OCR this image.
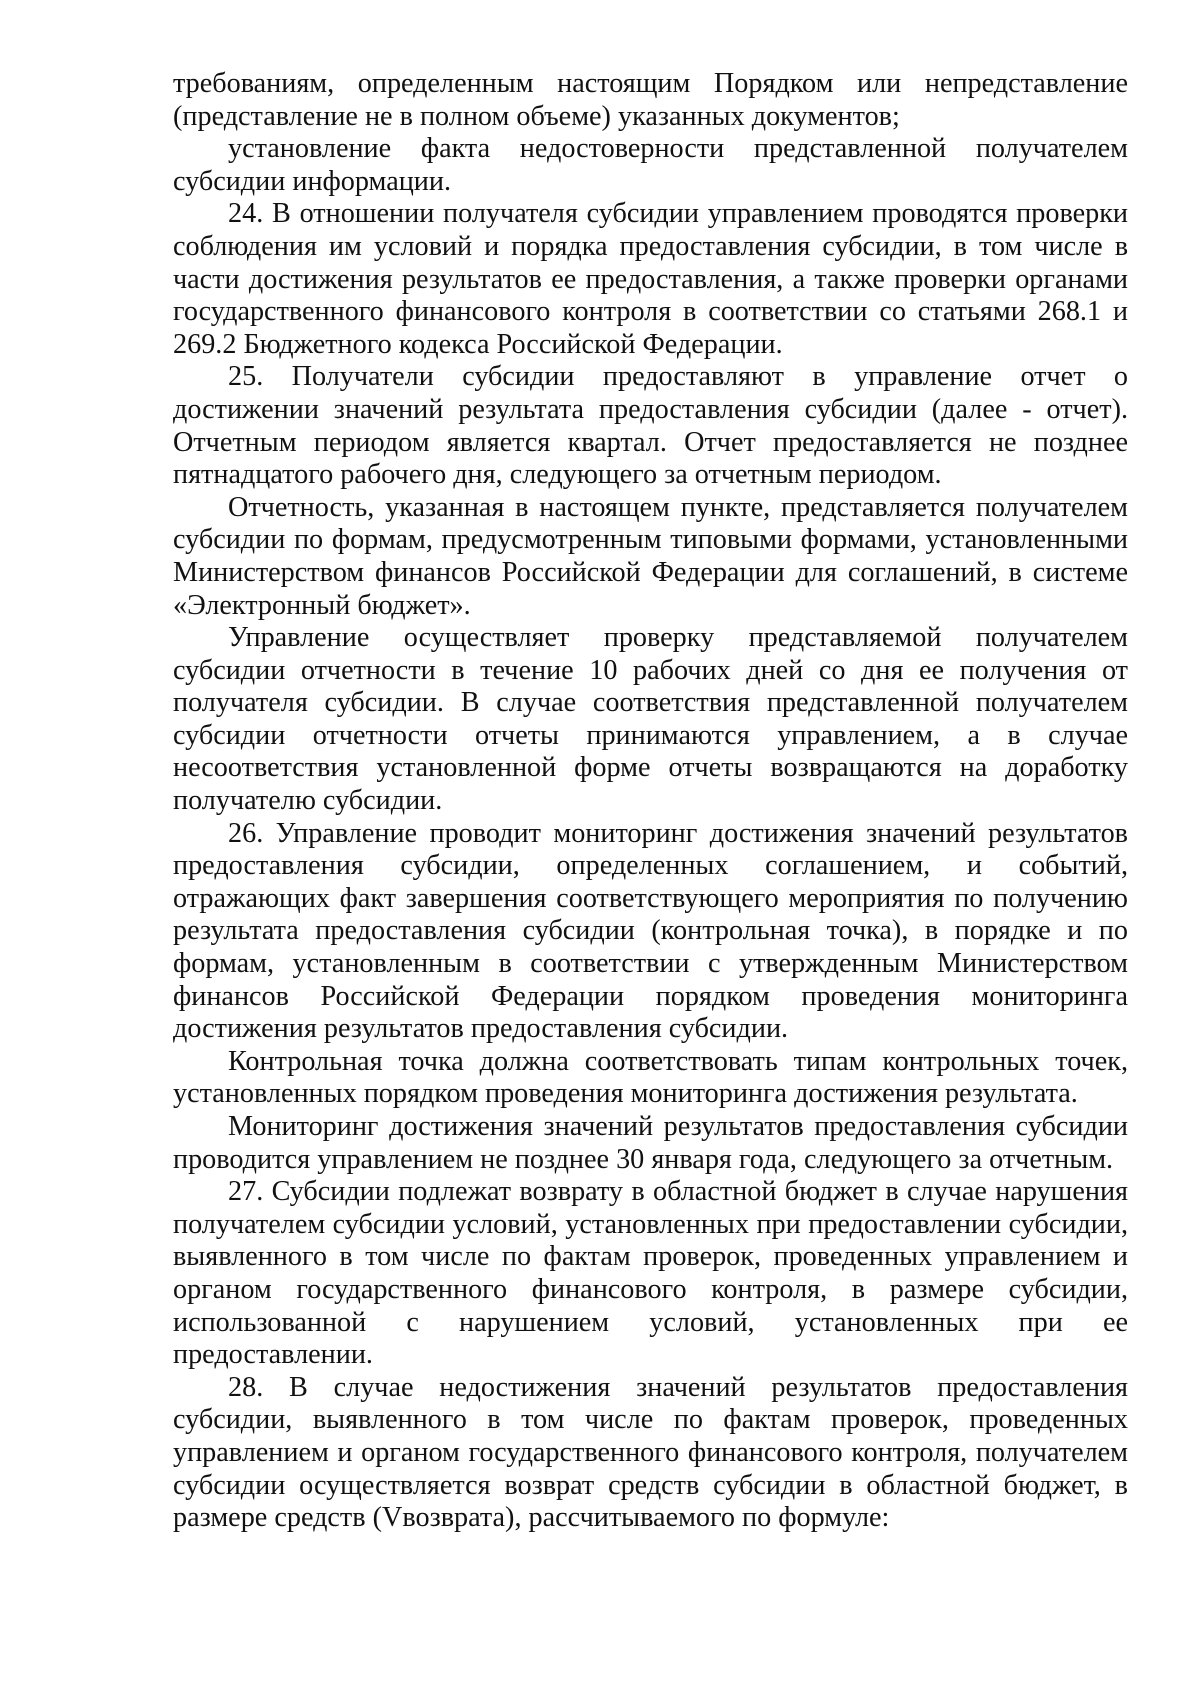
требованиям, определенным настоящим Порядком или непредставление (представление не в полном объеме) указанных документов;

установление факта недостоверности представленной получателем субсидии информации.

24. В отношении получателя субсидии управлением проводятся проверки соблюдения им условий и порядка предоставления субсидии, в том числе в части достижения результатов ее предоставления, а также проверки органами государственного финансового контроля в соответствии со статьями 268.1 и 269.2 Бюджетного кодекса Российской Федерации.

25. Получатели субсидии предоставляют в управление отчет о достижении значений результата предоставления субсидии (далее - отчет). Отчетным периодом является квартал. Отчет предоставляется не позднее пятнадцатого рабочего дня, следующего за отчетным периодом.

Отчетность, указанная в настоящем пункте, представляется получателем субсидии по формам, предусмотренным типовыми формами, установленными Министерством финансов Российской Федерации для соглашений, в системе «Электронный бюджет».

Управление осуществляет проверку представляемой получателем субсидии отчетности в течение 10 рабочих дней со дня ее получения от получателя субсидии. В случае соответствия представленной получателем субсидии отчетности отчеты принимаются управлением, а в случае несоответствия установленной форме отчеты возвращаются на доработку получателю субсидии.

26. Управление проводит мониторинг достижения значений результатов предоставления субсидии, определенных соглашением, и событий, отражающих факт завершения соответствующего мероприятия по получению результата предоставления субсидии (контрольная точка), в порядке и по формам, установленным в соответствии с утвержденным Министерством финансов Российской Федерации порядком проведения мониторинга достижения результатов предоставления субсидии.

Контрольная точка должна соответствовать типам контрольных точек, установленных порядком проведения мониторинга достижения результата.

Мониторинг достижения значений результатов предоставления субсидии проводится управлением не позднее 30 января года, следующего за отчетным.

27. Субсидии подлежат возврату в областной бюджет в случае нарушения получателем субсидии условий, установленных при предоставлении субсидии, выявленного в том числе по фактам проверок, проведенных управлением и органом государственного финансового контроля, в размере субсидии, использованной с нарушением условий, установленных при ее предоставлении.

28. В случае недостижения значений результатов предоставления субсидии, выявленного в том числе по фактам проверок, проведенных управлением и органом государственного финансового контроля, получателем субсидии осуществляется возврат средств субсидии в областной бюджет, в размере средств (Vвозврата), рассчитываемого по формуле:
